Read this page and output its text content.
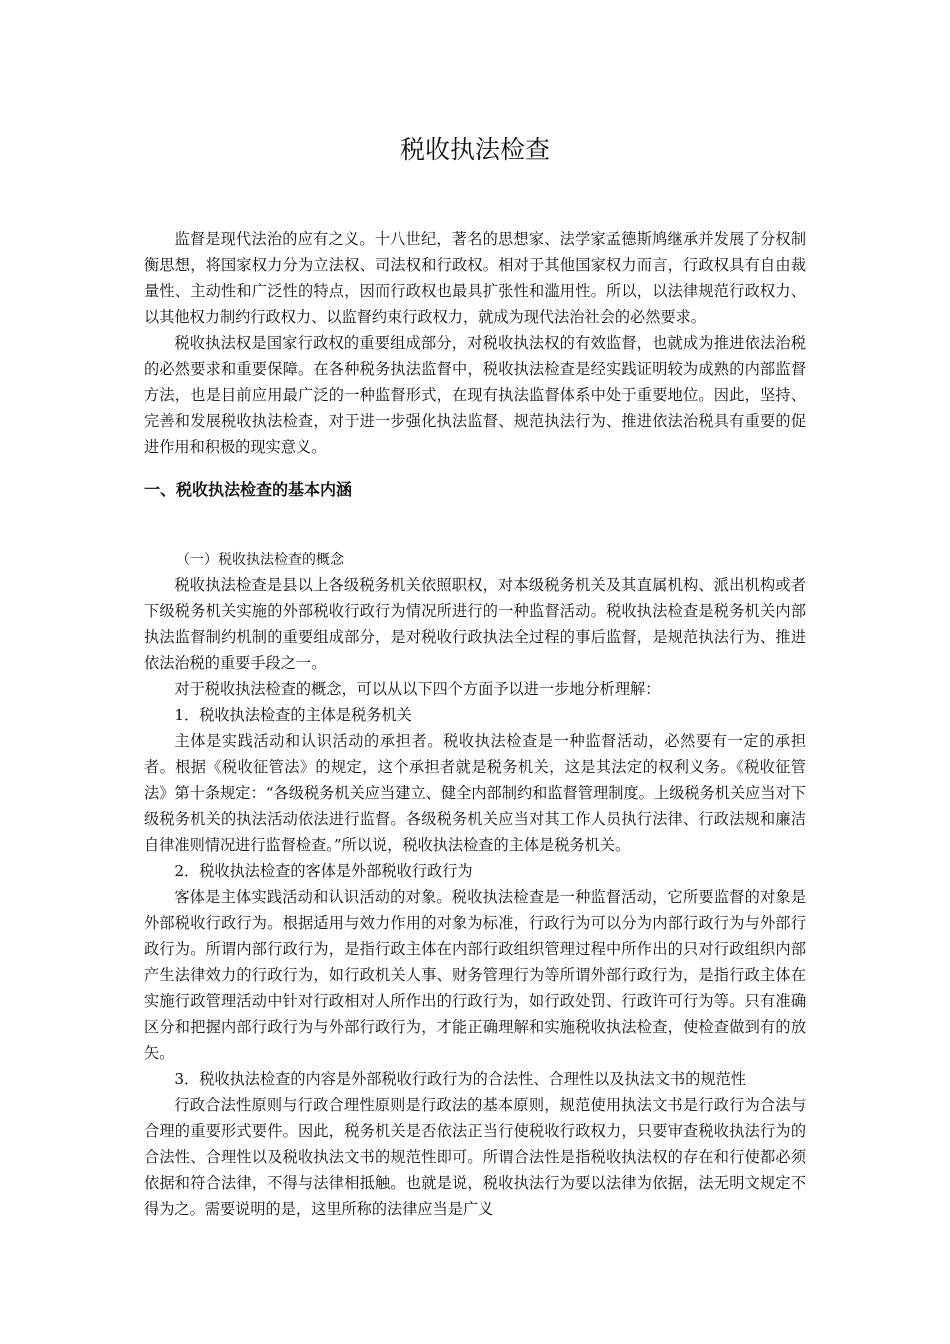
税收执法检查

监督是现代法治的应有之义。十八世纪，著名的思想家、法学家孟德斯鸠继承并发展了分权制衡思想，将国家权力分为立法权、司法权和行政权。相对于其他国家权力而言，行政权具有自由裁量性、主动性和广泛性的特点，因而行政权也最具扩张性和滥用性。所以，以法律规范行政权力、以其他权力制约行政权力、以监督约束行政权力，就成为现代法治社会的必然要求。

税收执法权是国家行政权的重要组成部分，对税收执法权的有效监督，也就成为推进依法治税的必然要求和重要保障。在各种税务执法监督中，税收执法检查是经实践证明较为成熟的内部监督方法，也是目前应用最广泛的一种监督形式，在现有执法监督体系中处于重要地位。因此，坚持、完善和发展税收执法检查，对于进一步强化执法监督、规范执法行为、推进依法治税具有重要的促进作用和积极的现实意义。

一、税收执法检查的基本内涵
（一）税收执法检查的概念

税收执法检查是县以上各级税务机关依照职权，对本级税务机关及其直属机构、派出机构或者下级税务机关实施的外部税收行政行为情况所进行的一种监督活动。税收执法检查是税务机关内部执法监督制约机制的重要组成部分，是对税收行政执法全过程的事后监督，是规范执法行为、推进依法治税的重要手段之一。

对于税收执法检查的概念，可以从以下四个方面予以进一步地分析理解：

1．税收执法检查的主体是税务机关

主体是实践活动和认识活动的承担者。税收执法检查是一种监督活动，必然要有一定的承担者。根据《税收征管法》的规定，这个承担者就是税务机关，这是其法定的权利义务。《税收征管法》第十条规定：“各级税务机关应当建立、健全内部制约和监督管理制度。上级税务机关应当对下级税务机关的执法活动依法进行监督。各级税务机关应当对其工作人员执行法律、行政法规和廉洁自律准则情况进行监督检查。”所以说，税收执法检查的主体是税务机关。

2．税收执法检查的客体是外部税收行政行为

客体是主体实践活动和认识活动的对象。税收执法检查是一种监督活动，它所要监督的对象是外部税收行政行为。根据适用与效力作用的对象为标准，行政行为可以分为内部行政行为与外部行政行为。所谓内部行政行为，是指行政主体在内部行政组织管理过程中所作出的只对行政组织内部产生法律效力的行政行为，如行政机关人事、财务管理行为等所谓外部行政行为，是指行政主体在实施行政管理活动中针对行政相对人所作出的行政行为，如行政处罚、行政许可行为等。只有准确区分和把握内部行政行为与外部行政行为，才能正确理解和实施税收执法检查，使检查做到有的放矢。

3．税收执法检查的内容是外部税收行政行为的合法性、合理性以及执法文书的规范性

行政合法性原则与行政合理性原则是行政法的基本原则，规范使用执法文书是行政行为合法与合理的重要形式要件。因此，税务机关是否依法正当行使税收行政权力，只要审查税收执法行为的合法性、合理性以及税收执法文书的规范性即可。所谓合法性是指税收执法权的存在和行使都必须依据和符合法律，不得与法律相抵触。也就是说，税收执法行为要以法律为依据，法无明文规定不得为之。需要说明的是，这里所称的法律应当是广义
